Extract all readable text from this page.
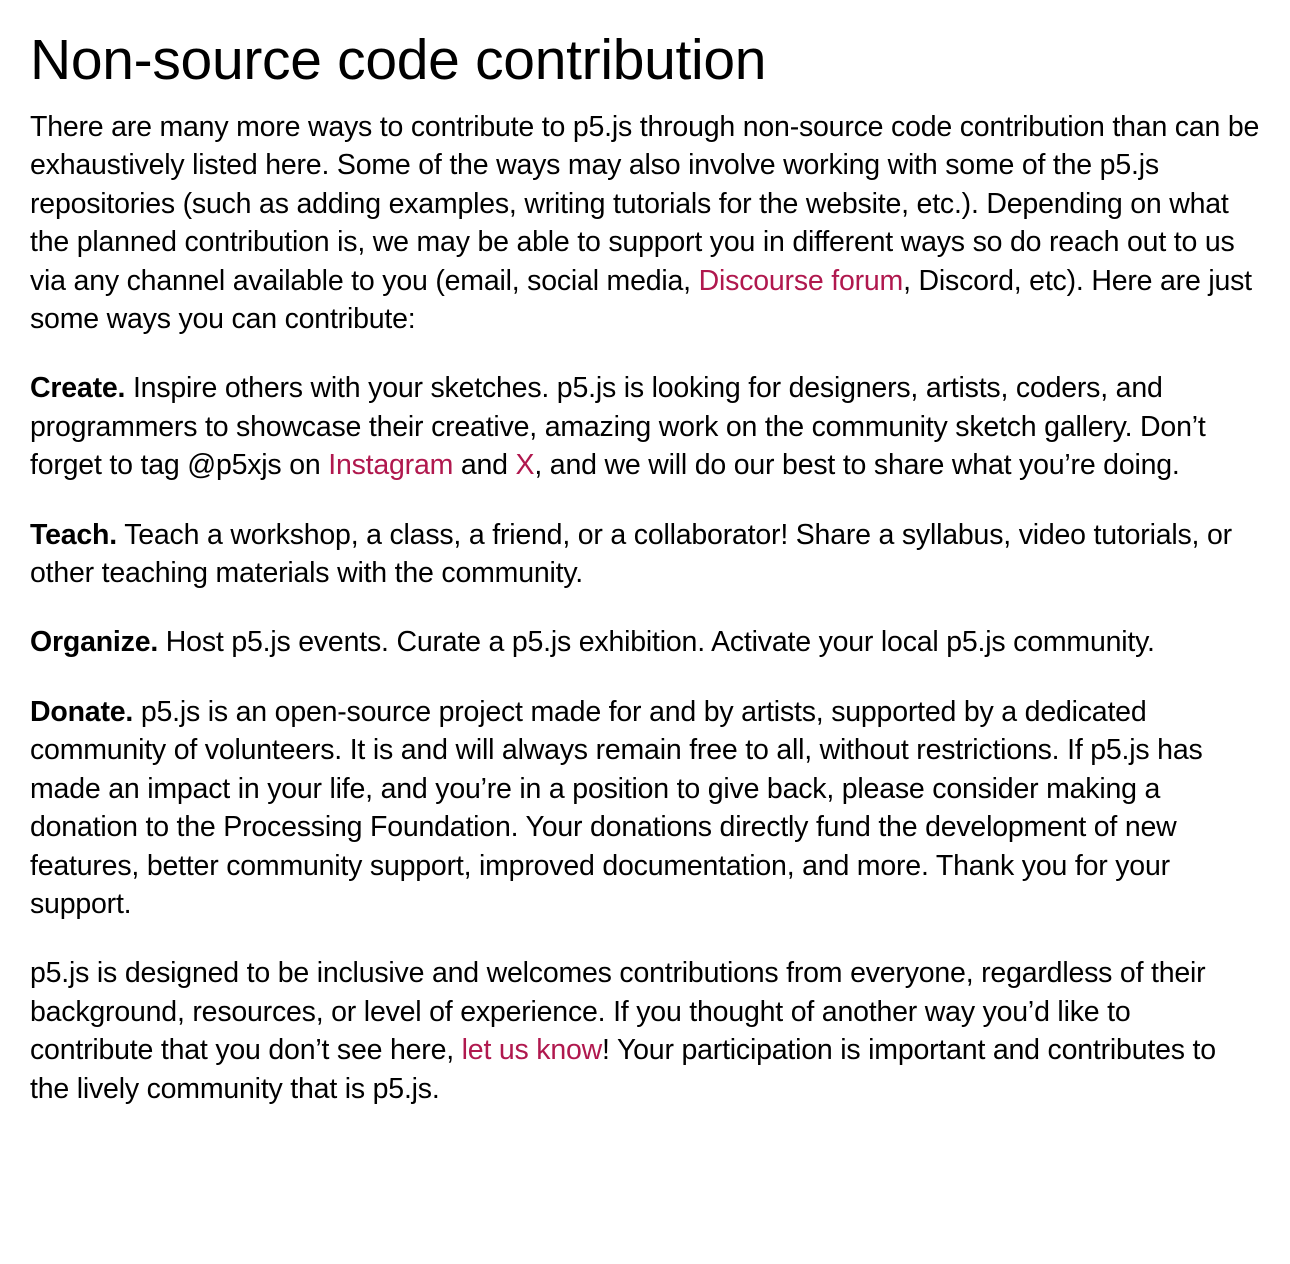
Non-source code contribution

There are many more ways to contribute to p5.js through non-source code contribution than can be exhaustively listed here. Some of the ways may also involve working with some of the p5.js repositories (such as adding examples, writing tutorials for the website, etc.). Depending on what the planned contribution is, we may be able to support you in different ways so do reach out to us via any channel available to you (email, social media, Discourse forum, Discord, etc). Here are just some ways you can contribute:

Create. Inspire others with your sketches. p5.js is looking for designers, artists, coders, and programmers to showcase their creative, amazing work on the community sketch gallery. Don’t forget to tag @p5xjs on Instagram and X, and we will do our best to share what you’re doing.

Teach. Teach a workshop, a class, a friend, or a collaborator! Share a syllabus, video tutorials, or other teaching materials with the community.

Organize. Host p5.js events. Curate a p5.js exhibition. Activate your local p5.js community.

Donate. p5.js is an open-source project made for and by artists, supported by a dedicated community of volunteers. It is and will always remain free to all, without restrictions. If p5.js has made an impact in your life, and you’re in a position to give back, please consider making a donation to the Processing Foundation. Your donations directly fund the development of new features, better community support, improved documentation, and more. Thank you for your support.

p5.js is designed to be inclusive and welcomes contributions from everyone, regardless of their background, resources, or level of experience. If you thought of another way you’d like to contribute that you don’t see here, let us know! Your participation is important and contributes to the lively community that is p5.js.
